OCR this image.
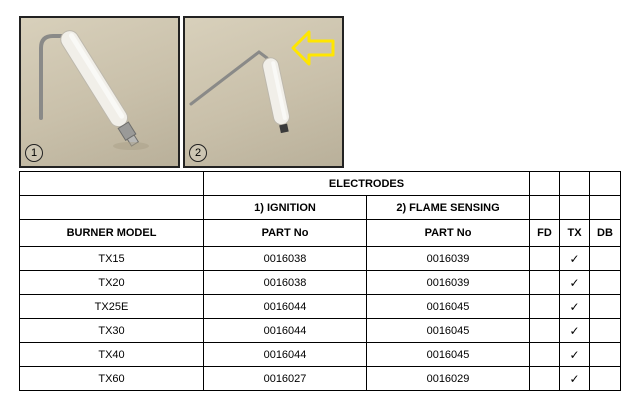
1	2
	ELECTRODES				
	1) IGNITION	2) FLAME SENSING			
BURNER MODEL	PART No	PART No	FD	TX	DB
TX15	0016038	0016039		✓	
TX20	0016038	0016039		✓	
TX25E	0016044	0016045		✓	
TX30	0016044	0016045		✓	
TX40	0016044	0016045		✓	
TX60	0016027	0016029		✓	
